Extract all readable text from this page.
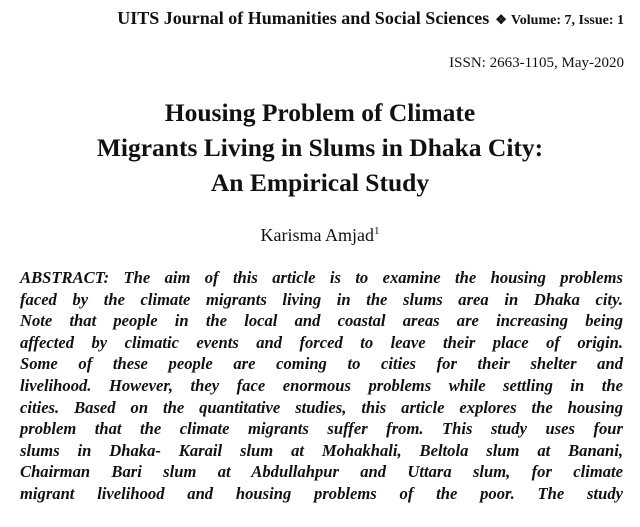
UITS Journal of Humanities and Social Sciences ❖ Volume: 7, Issue: 1
ISSN: 2663-1105, May-2020
Housing Problem of Climate
Migrants Living in Slums in Dhaka City:
An Empirical Study
Karisma Amjad$^1$
ABSTRACT: The aim of this article is to examine the housing problems
faced by the climate migrants living in the slums area in Dhaka city.
Note that people in the local and coastal areas are increasing being
affected by climatic events and forced to leave their place of origin.
Some of these people are coming to cities for their shelter and
livelihood. However, they face enormous problems while settling in the
cities. Based on the quantitative studies, this article explores the housing
problem that the climate migrants suffer from. This study uses four
slums in Dhaka- Karail slum at Mohakhali, Beltola slum at Banani,
Chairman Bari slum at Abdullahpur and Uttara slum, for climate
migrant livelihood and housing problems of the poor. The study
